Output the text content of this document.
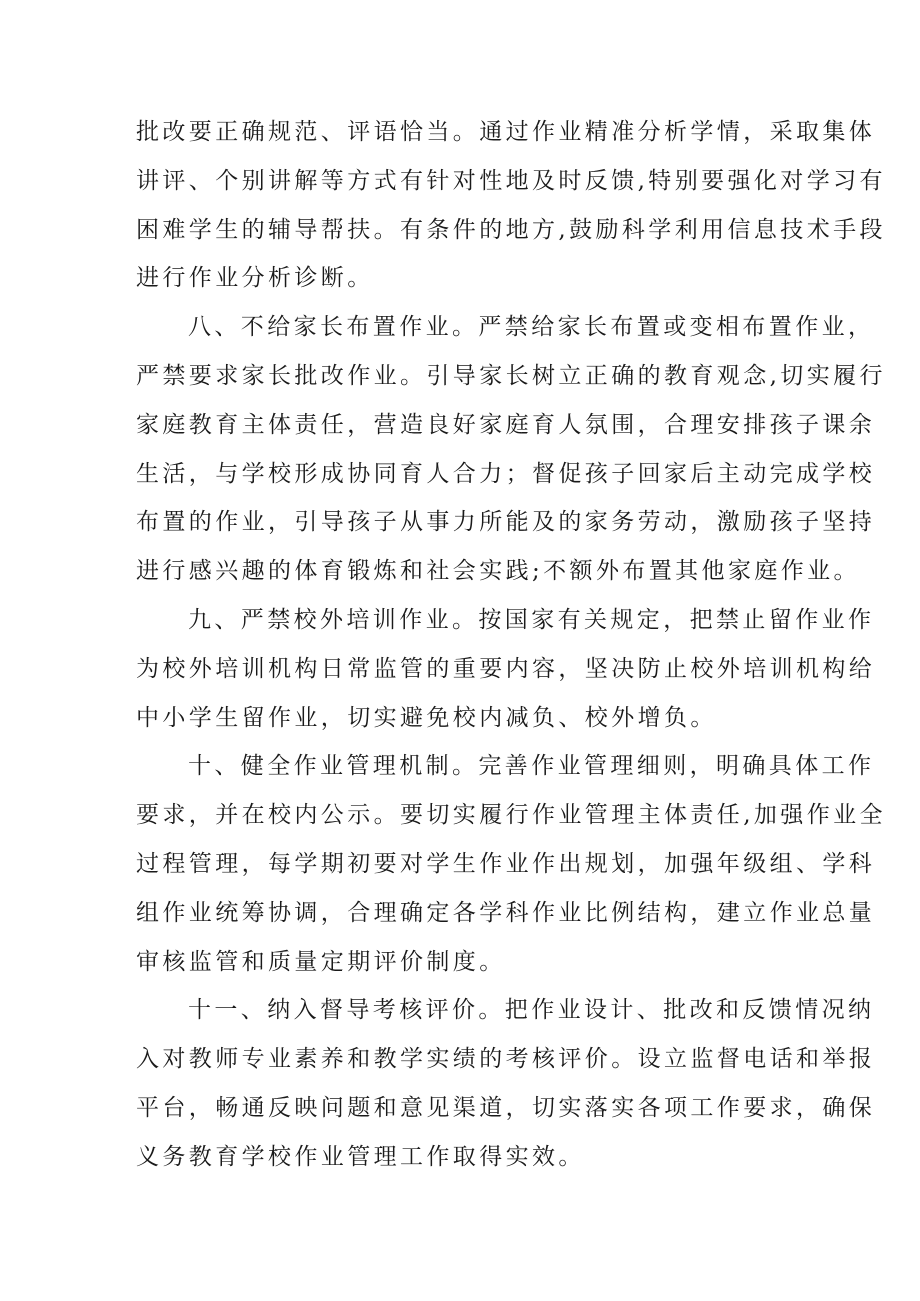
批改要正确规范、评语恰当。通过作业精准分析学情，采取集体
讲评、个别讲解等方式有针对性地及时反馈,特别要强化对学习有
困难学生的辅导帮扶。有条件的地方,鼓励科学利用信息技术手段
进行作业分析诊断。
八、不给家长布置作业。严禁给家长布置或变相布置作业，
严禁要求家长批改作业。引导家长树立正确的教育观念,切实履行
家庭教育主体责任，营造良好家庭育人氛围，合理安排孩子课余
生活，与学校形成协同育人合力；督促孩子回家后主动完成学校
布置的作业，引导孩子从事力所能及的家务劳动，激励孩子坚持
进行感兴趣的体育锻炼和社会实践;不额外布置其他家庭作业。
九、严禁校外培训作业。按国家有关规定，把禁止留作业作
为校外培训机构日常监管的重要内容，坚决防止校外培训机构给
中小学生留作业，切实避免校内减负、校外增负。
十、健全作业管理机制。完善作业管理细则，明确具体工作
要求，并在校内公示。要切实履行作业管理主体责任,加强作业全
过程管理，每学期初要对学生作业作出规划，加强年级组、学科
组作业统筹协调，合理确定各学科作业比例结构，建立作业总量
审核监管和质量定期评价制度。
十一、纳入督导考核评价。把作业设计、批改和反馈情况纳
入对教师专业素养和教学实绩的考核评价。设立监督电话和举报
平台，畅通反映问题和意见渠道，切实落实各项工作要求，确保
义务教育学校作业管理工作取得实效。
